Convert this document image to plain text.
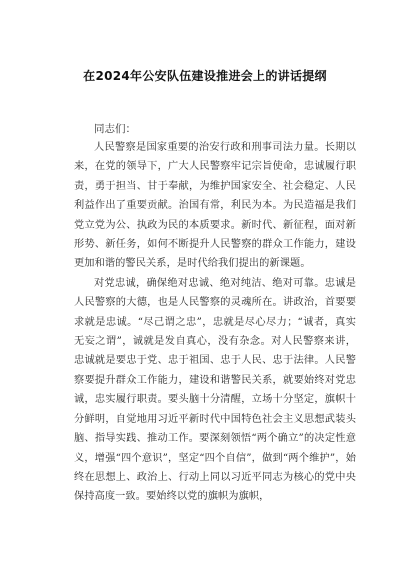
在2024年公安队伍建设推进会上的讲话提纲
同志们：

人民警察是国家重要的治安行政和刑事司法力量。长期以来，在党的领导下，广大人民警察牢记宗旨使命，忠诚履行职责，勇于担当、甘于奉献，为维护国家安全、社会稳定、人民利益作出了重要贡献。治国有常，利民为本。为民造福是我们党立党为公、执政为民的本质要求。新时代、新征程，面对新形势、新任务，如何不断提升人民警察的群众工作能力，建设更加和谐的警民关系，是时代给我们提出的新课题。

对党忠诚，确保绝对忠诚、绝对纯洁、绝对可靠。忠诚是人民警察的大德，也是人民警察的灵魂所在。讲政治，首要要求就是忠诚。“尽己谓之忠”，忠就是尽心尽力；“诚者，真实无妄之谓”，诚就是发自真心，没有杂念。对人民警察来讲，忠诚就是要忠于党、忠于祖国、忠于人民、忠于法律。人民警察要提升群众工作能力，建设和谐警民关系，就要始终对党忠诚，忠实履行职责。要头脑十分清醒，立场十分坚定，旗帜十分鲜明，自觉地用习近平新时代中国特色社会主义思想武装头脑、指导实践、推动工作。要深刻领悟“两个确立”的决定性意义，增强“四个意识”，坚定“四个自信”，做到“两个维护”，始终在思想上、政治上、行动上同以习近平同志为核心的党中央保持高度一致。要始终以党的旗帜为旗帜，
